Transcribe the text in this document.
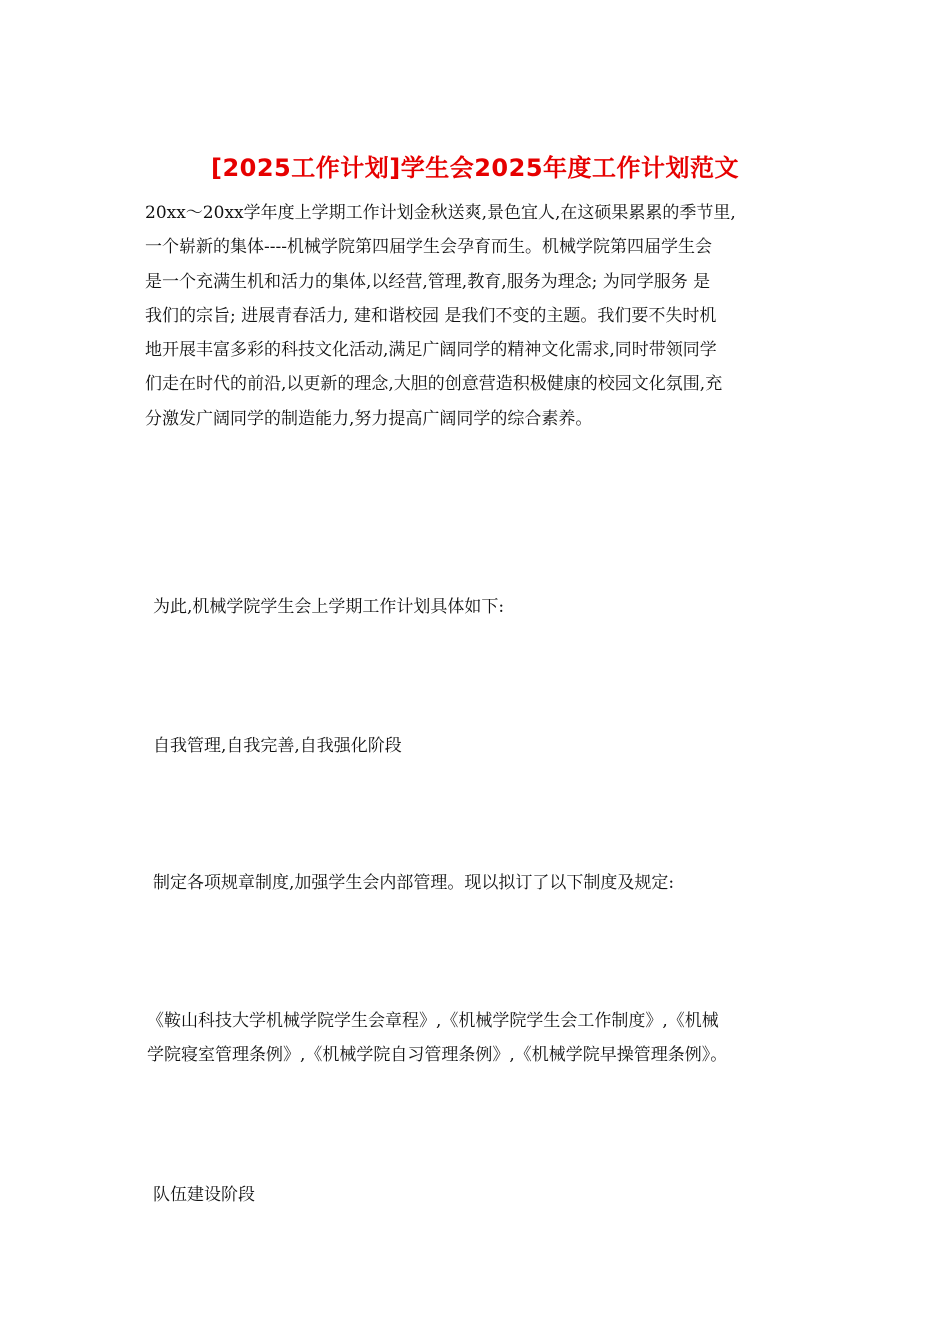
[2025工作计划]学生会2025年度工作计划范文
20xx～20xx学年度上学期工作计划金秋送爽,景色宜人,在这硕果累累的季节里,
一个崭新的集体----机械学院第四届学生会孕育而生。机械学院第四届学生会
是一个充满生机和活力的集体,以经营,管理,教育,服务为理念; 为同学服务 是
我们的宗旨; 进展青春活力, 建和谐校园 是我们不变的主题。我们要不失时机
地开展丰富多彩的科技文化活动,满足广阔同学的精神文化需求,同时带领同学
们走在时代的前沿,以更新的理念,大胆的创意营造积极健康的校园文化氛围,充
分激发广阔同学的制造能力,努力提高广阔同学的综合素养。
为此,机械学院学生会上学期工作计划具体如下:
自我管理,自我完善,自我强化阶段
制定各项规章制度,加强学生会内部管理。现以拟订了以下制度及规定:
《鞍山科技大学机械学院学生会章程》,《机械学院学生会工作制度》,《机械
学院寝室管理条例》,《机械学院自习管理条例》,《机械学院早操管理条例》。
队伍建设阶段
